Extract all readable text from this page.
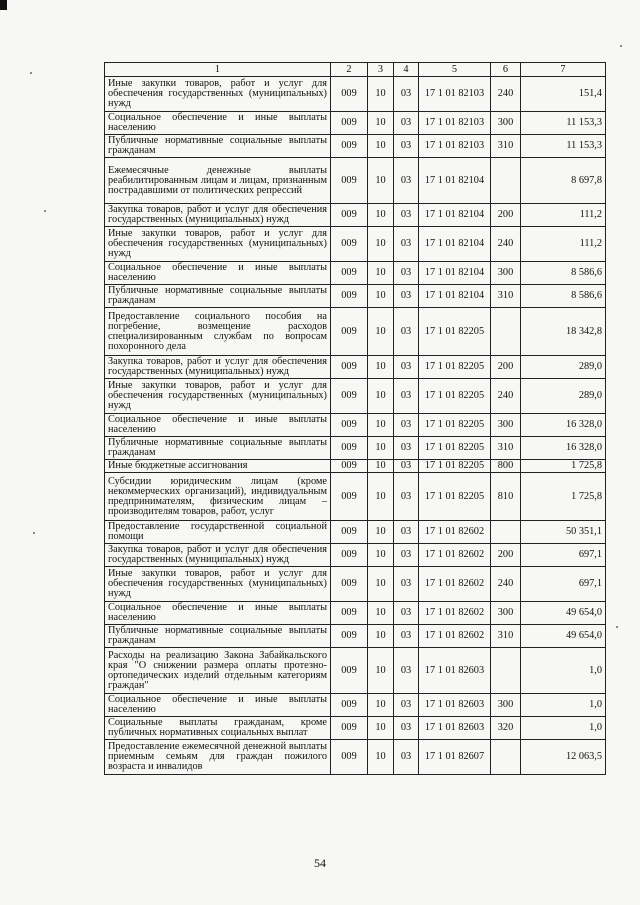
1	2	3	4	5	6	7
Иные закупки товаров, работ и услуг для обеспечения государственных (муниципальных) нужд	009	10	03	17 1 01 82103	240	151,4
Социальное обеспечение и иные выплаты населению	009	10	03	17 1 01 82103	300	11 153,3
Публичные нормативные социальные выплаты гражданам	009	10	03	17 1 01 82103	310	11 153,3
Ежемесячные денежные выплаты реабилитированным лицам и лицам, признанным пострадавшими от политических репрессий	009	10	03	17 1 01 82104		8 697,8
Закупка товаров, работ и услуг для обеспечения государственных (муниципальных) нужд	009	10	03	17 1 01 82104	200	111,2
Иные закупки товаров, работ и услуг для обеспечения государственных (муниципальных) нужд	009	10	03	17 1 01 82104	240	111,2
Социальное обеспечение и иные выплаты населению	009	10	03	17 1 01 82104	300	8 586,6
Публичные нормативные социальные выплаты гражданам	009	10	03	17 1 01 82104	310	8 586,6
Предоставление социального пособия на погребение, возмещение расходов специализированным службам по вопросам похоронного дела	009	10	03	17 1 01 82205		18 342,8
Закупка товаров, работ и услуг для обеспечения государственных (муниципальных) нужд	009	10	03	17 1 01 82205	200	289,0
Иные закупки товаров, работ и услуг для обеспечения государственных (муниципальных) нужд	009	10	03	17 1 01 82205	240	289,0
Социальное обеспечение и иные выплаты населению	009	10	03	17 1 01 82205	300	16 328,0
Публичные нормативные социальные выплаты гражданам	009	10	03	17 1 01 82205	310	16 328,0
Иные бюджетные ассигнования	009	10	03	17 1 01 82205	800	1 725,8
Субсидии юридическим лицам (кроме некоммерческих организаций), индивидуальным предпринимателям, физическим лицам – производителям товаров, работ, услуг	009	10	03	17 1 01 82205	810	1 725,8
Предоставление государственной социальной помощи	009	10	03	17 1 01 82602		50 351,1
Закупка товаров, работ и услуг для обеспечения государственных (муниципальных) нужд	009	10	03	17 1 01 82602	200	697,1
Иные закупки товаров, работ и услуг для обеспечения государственных (муниципальных) нужд	009	10	03	17 1 01 82602	240	697,1
Социальное обеспечение и иные выплаты населению	009	10	03	17 1 01 82602	300	49 654,0
Публичные нормативные социальные выплаты гражданам	009	10	03	17 1 01 82602	310	49 654,0
Расходы на реализацию Закона Забайкальского края "О снижении размера оплаты протезно-ортопедических изделий отдельным категориям граждан"	009	10	03	17 1 01 82603		1,0
Социальное обеспечение и иные выплаты населению	009	10	03	17 1 01 82603	300	1,0
Социальные выплаты гражданам, кроме публичных нормативных социальных выплат	009	10	03	17 1 01 82603	320	1,0
Предоставление ежемесячной денежной выплаты приемным семьям для граждан пожилого возраста и инвалидов	009	10	03	17 1 01 82607		12 063,5
54
